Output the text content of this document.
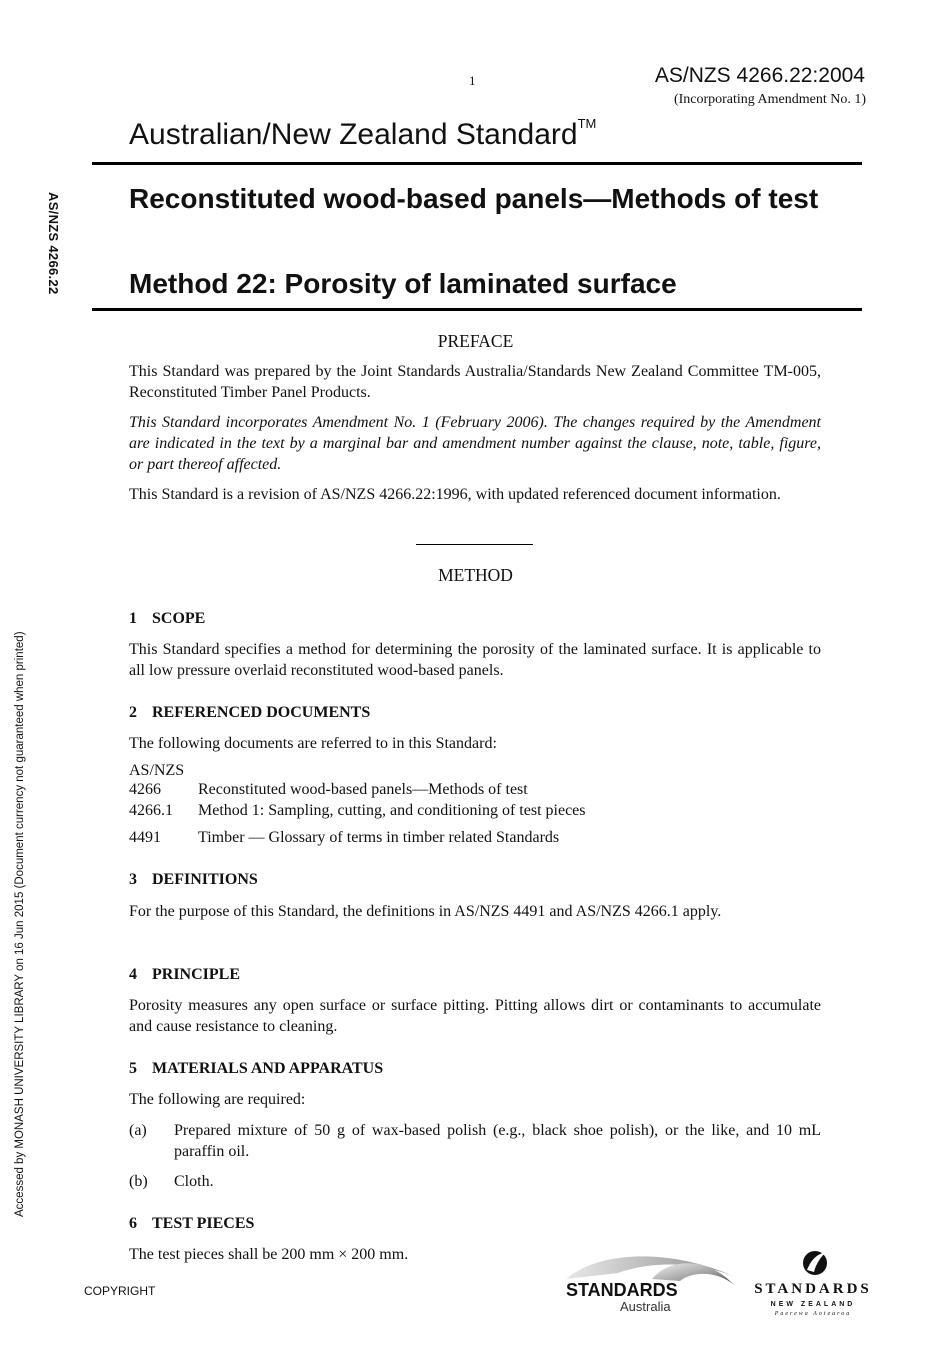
1	AS/NZS 4266.22:2004
(Incorporating Amendment No. 1)
Australian/New Zealand Standard™
AS/NZS 4266.22
Accessed by MONASH UNIVERSITY LIBRARY on 16 Jun 2015 (Document currency not guaranteed when printed)
Reconstituted wood-based panels—Methods of test
Method 22: Porosity of laminated surface
PREFACE
This Standard was prepared by the Joint Standards Australia/Standards New Zealand Committee TM-005, Reconstituted Timber Panel Products.
This Standard incorporates Amendment No. 1 (February 2006). The changes required by the Amendment are indicated in the text by a marginal bar and amendment number against the clause, note, table, figure, or part thereof affected.
This Standard is a revision of AS/NZS 4266.22:1996, with updated referenced document information.
METHOD
1 SCOPE
This Standard specifies a method for determining the porosity of the laminated surface. It is applicable to all low pressure overlaid reconstituted wood-based panels.
2 REFERENCED DOCUMENTS
The following documents are referred to in this Standard:
AS/NZS
4266 Reconstituted wood-based panels—Methods of test
4266.1 Method 1: Sampling, cutting, and conditioning of test pieces
4491 Timber — Glossary of terms in timber related Standards
3 DEFINITIONS
For the purpose of this Standard, the definitions in AS/NZS 4491 and AS/NZS 4266.1 apply.
4 PRINCIPLE
Porosity measures any open surface or surface pitting. Pitting allows dirt or contaminants to accumulate and cause resistance to cleaning.
5 MATERIALS AND APPARATUS
The following are required:
(a) Prepared mixture of 50 g of wax-based polish (e.g., black shoe polish), or the like, and 10 mL paraffin oil.
(b) Cloth.
6 TEST PIECES
The test pieces shall be 200 mm × 200 mm.
COPYRIGHT	STANDARDS
Australia
STANDARDS
NEW ZEALAND
Paerewa Aotearoa
